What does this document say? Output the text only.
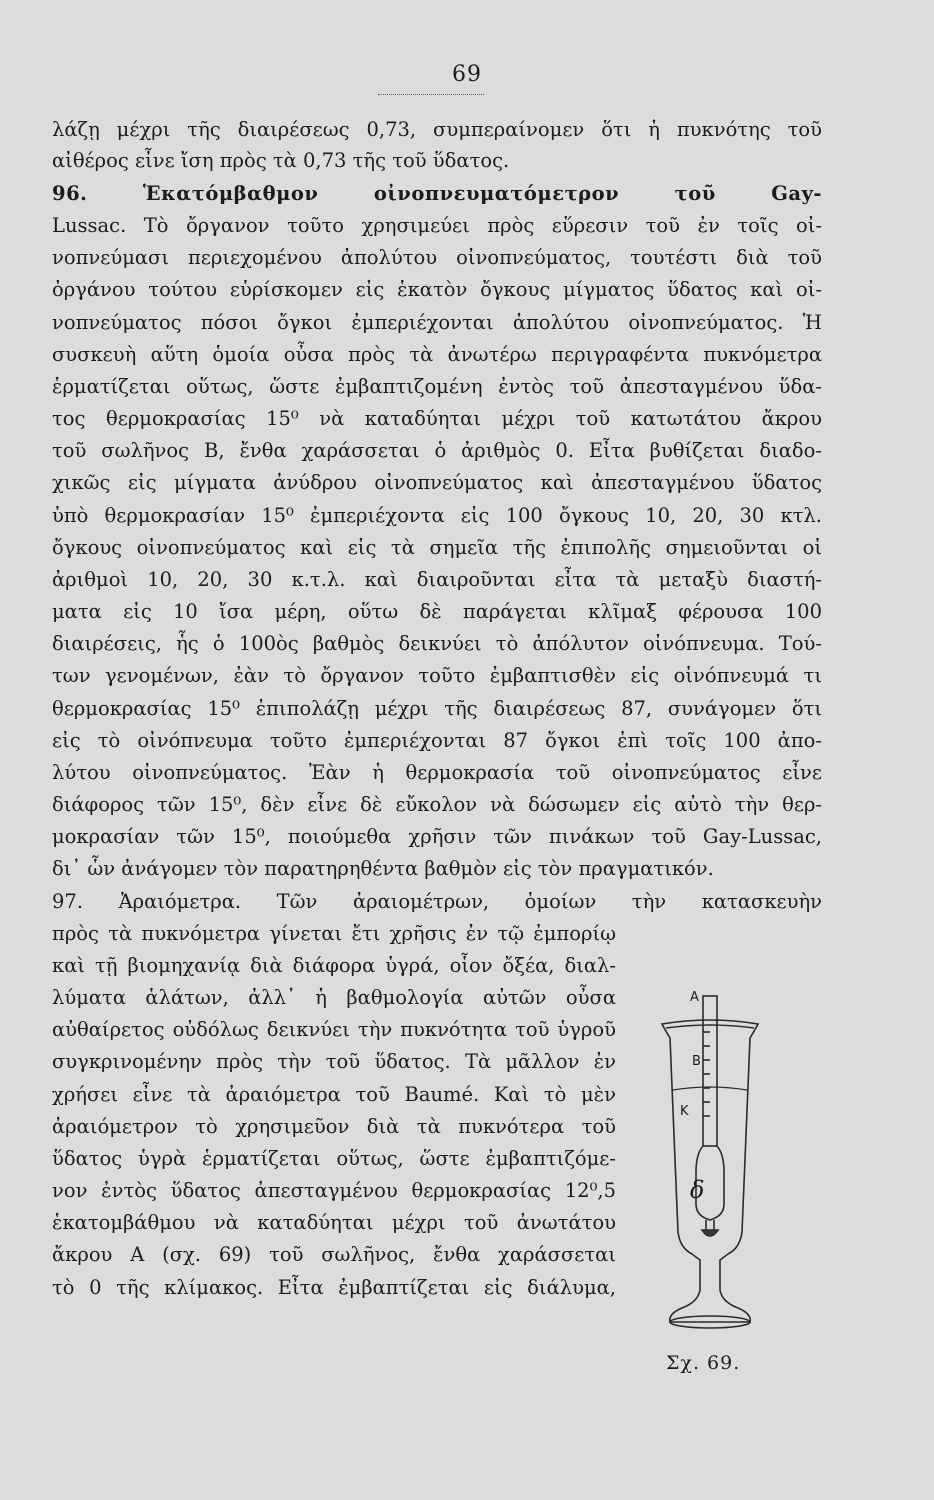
69
λάζῃ μέχρι τῆς διαιρέσεως 0,73, συμπεραίνομεν ὅτι ἡ πυκνότης τοῦ
αἰθέρος εἶνε ἴση πρὸς τὰ 0,73 τῆς τοῦ ὕδατος.
96. Ἑκατόμβαθμον οἰνοπνευματόμετρον τοῦ Gay-
Lussac. Τὸ ὄργανον τοῦτο χρησιμεύει πρὸς εὕρεσιν τοῦ ἐν τοῖς οἰ-
νοπνεύμασι περιεχομένου ἀπολύτου οἰνοπνεύματος, τουτέστι διὰ τοῦ
ὀργάνου τούτου εὑρίσκομεν εἰς ἑκατὸν ὄγκους μίγματος ὕδατος καὶ οἰ-
νοπνεύματος πόσοι ὄγκοι ἐμπεριέχονται ἀπολύτου οἰνοπνεύματος. Ἡ
συσκευὴ αὕτη ὁμοία οὖσα πρὸς τὰ ἀνωτέρω περιγραφέντα πυκνόμετρα
ἑρματίζεται οὕτως, ὥστε ἐμβαπτιζομένη ἐντὸς τοῦ ἀπεσταγμένου ὕδα-
τος θερμοκρασίας 15⁰ νὰ καταδύηται μέχρι τοῦ κατωτάτου ἄκρου
τοῦ σωλῆνος Β, ἔνθα χαράσσεται ὁ ἀριθμὸς 0. Εἶτα βυθίζεται διαδο-
χικῶς εἰς μίγματα ἀνύδρου οἰνοπνεύματος καὶ ἀπεσταγμένου ὕδατος
ὑπὸ θερμοκρασίαν 15⁰ ἐμπεριέχοντα εἰς 100 ὄγκους 10, 20, 30 κτλ.
ὄγκους οἰνοπνεύματος καὶ εἰς τὰ σημεῖα τῆς ἐπιπολῆς σημειοῦνται οἱ
ἀριθμοὶ 10, 20, 30 κ.τ.λ. καὶ διαιροῦνται εἶτα τὰ μεταξὺ διαστή-
ματα εἰς 10 ἴσα μέρη, οὕτω δὲ παράγεται κλῖμαξ φέρουσα 100
διαιρέσεις, ἧς ὁ 100ὸς βαθμὸς δεικνύει τὸ ἀπόλυτον οἰνόπνευμα. Τού-
των γενομένων, ἐὰν τὸ ὄργανον τοῦτο ἐμβαπτισθὲν εἰς οἰνόπνευμά τι
θερμοκρασίας 15⁰ ἐπιπολάζῃ μέχρι τῆς διαιρέσεως 87, συνάγομεν ὅτι
εἰς τὸ οἰνόπνευμα τοῦτο ἐμπεριέχονται 87 ὄγκοι ἐπὶ τοῖς 100 ἀπο-
λύτου οἰνοπνεύματος. Ἐὰν ἡ θερμοκρασία τοῦ οἰνοπνεύματος εἶνε
διάφορος τῶν 15⁰, δὲν εἶνε δὲ εὔκολον νὰ δώσωμεν εἰς αὐτὸ τὴν θερ-
μοκρασίαν τῶν 15⁰, ποιούμεθα χρῆσιν τῶν πινάκων τοῦ Gay-Lussac,
δι᾽ ὧν ἀνάγομεν τὸν παρατηρηθέντα βαθμὸν εἰς τὸν πραγματικόν.
97. Ἀραιόμετρα. Τῶν ἀραιομέτρων, ὁμοίων τὴν κατασκευὴν
πρὸς τὰ πυκνόμετρα γίνεται ἔτι χρῆσις ἐν τῷ ἐμπορίῳ
καὶ τῇ βιομηχανίᾳ διὰ διάφορα ὑγρά, οἷον ὄξέα, διαλ-
λύματα ἁλάτων, ἀλλ᾽ ἡ βαθμολογία αὐτῶν οὖσα
αὐθαίρετος οὐδόλως δεικνύει τὴν πυκνότητα τοῦ ὑγροῦ
συγκρινομένην πρὸς τὴν τοῦ ὕδατος. Τὰ μᾶλλον ἐν
χρήσει εἶνε τὰ ἀραιόμετρα τοῦ Baumé. Καὶ τὸ μὲν
ἀραιόμετρον τὸ χρησιμεῦον διὰ τὰ πυκνότερα τοῦ
ὕδατος ὑγρὰ ἑρματίζεται οὕτως, ὥστε ἐμβαπτιζόμε-
νον ἐντὸς ὕδατος ἀπεσταγμένου θερμοκρασίας 12⁰,5
ἑκατομβάθμου νὰ καταδύηται μέχρι τοῦ ἀνωτάτου
ἄκρου Α (σχ. 69) τοῦ σωλῆνος, ἔνθα χαράσσεται
τὸ 0 τῆς κλίμακος. Εἶτα ἐμβαπτίζεται εἰς διάλυμα,
A
B
K
δ
Σχ. 69.
